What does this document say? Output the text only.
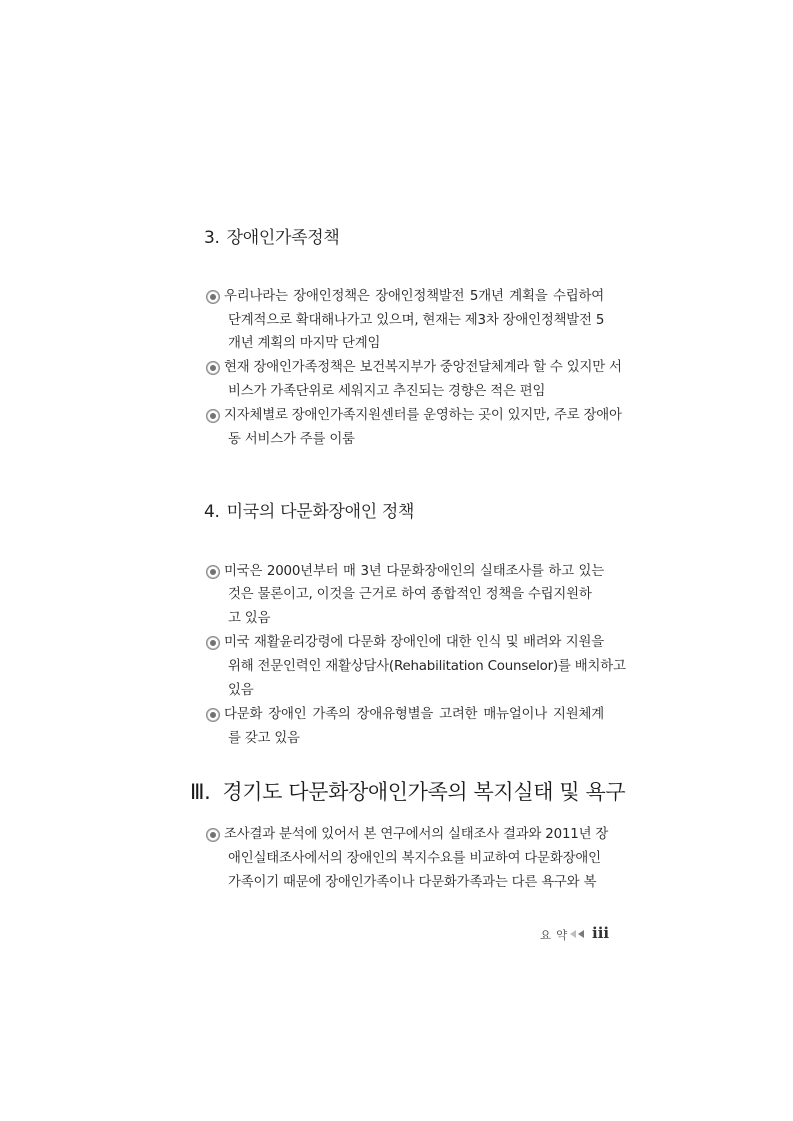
3. 장애인가족정책
우리나라는 장애인정책은 장애인정책발전 5개년 계획을 수립하여
단계적으로 확대해나가고 있으며, 현재는 제3차 장애인정책발전 5
개년 계획의 마지막 단계임
현재 장애인가족정책은 보건복지부가 중앙전달체계라 할 수 있지만 서
비스가 가족단위로 세워지고 추진되는 경향은 적은 편임
지자체별로 장애인가족지원센터를 운영하는 곳이 있지만, 주로 장애아
동 서비스가 주를 이룸
4. 미국의 다문화장애인 정책
미국은 2000년부터 매 3년 다문화장애인의 실태조사를 하고 있는
것은 물론이고, 이것을 근거로 하여 종합적인 정책을 수립지원하
고 있음
미국 재활윤리강령에 다문화 장애인에 대한 인식 및 배려와 지원을
위해 전문인력인 재활상담사(Rehabilitation Counselor)를 배치하고
있음
다문화 장애인 가족의 장애유형별을 고려한 매뉴얼이나 지원체계
를 갖고 있음
Ⅲ. 경기도 다문화장애인가족의 복지실태 및 욕구
조사결과 분석에 있어서 본 연구에서의 실태조사 결과와 2011년 장
애인실태조사에서의 장애인의 복지수요를 비교하여 다문화장애인
가족이기 때문에 장애인가족이나 다문화가족과는 다른 욕구와 복
요약 iii
